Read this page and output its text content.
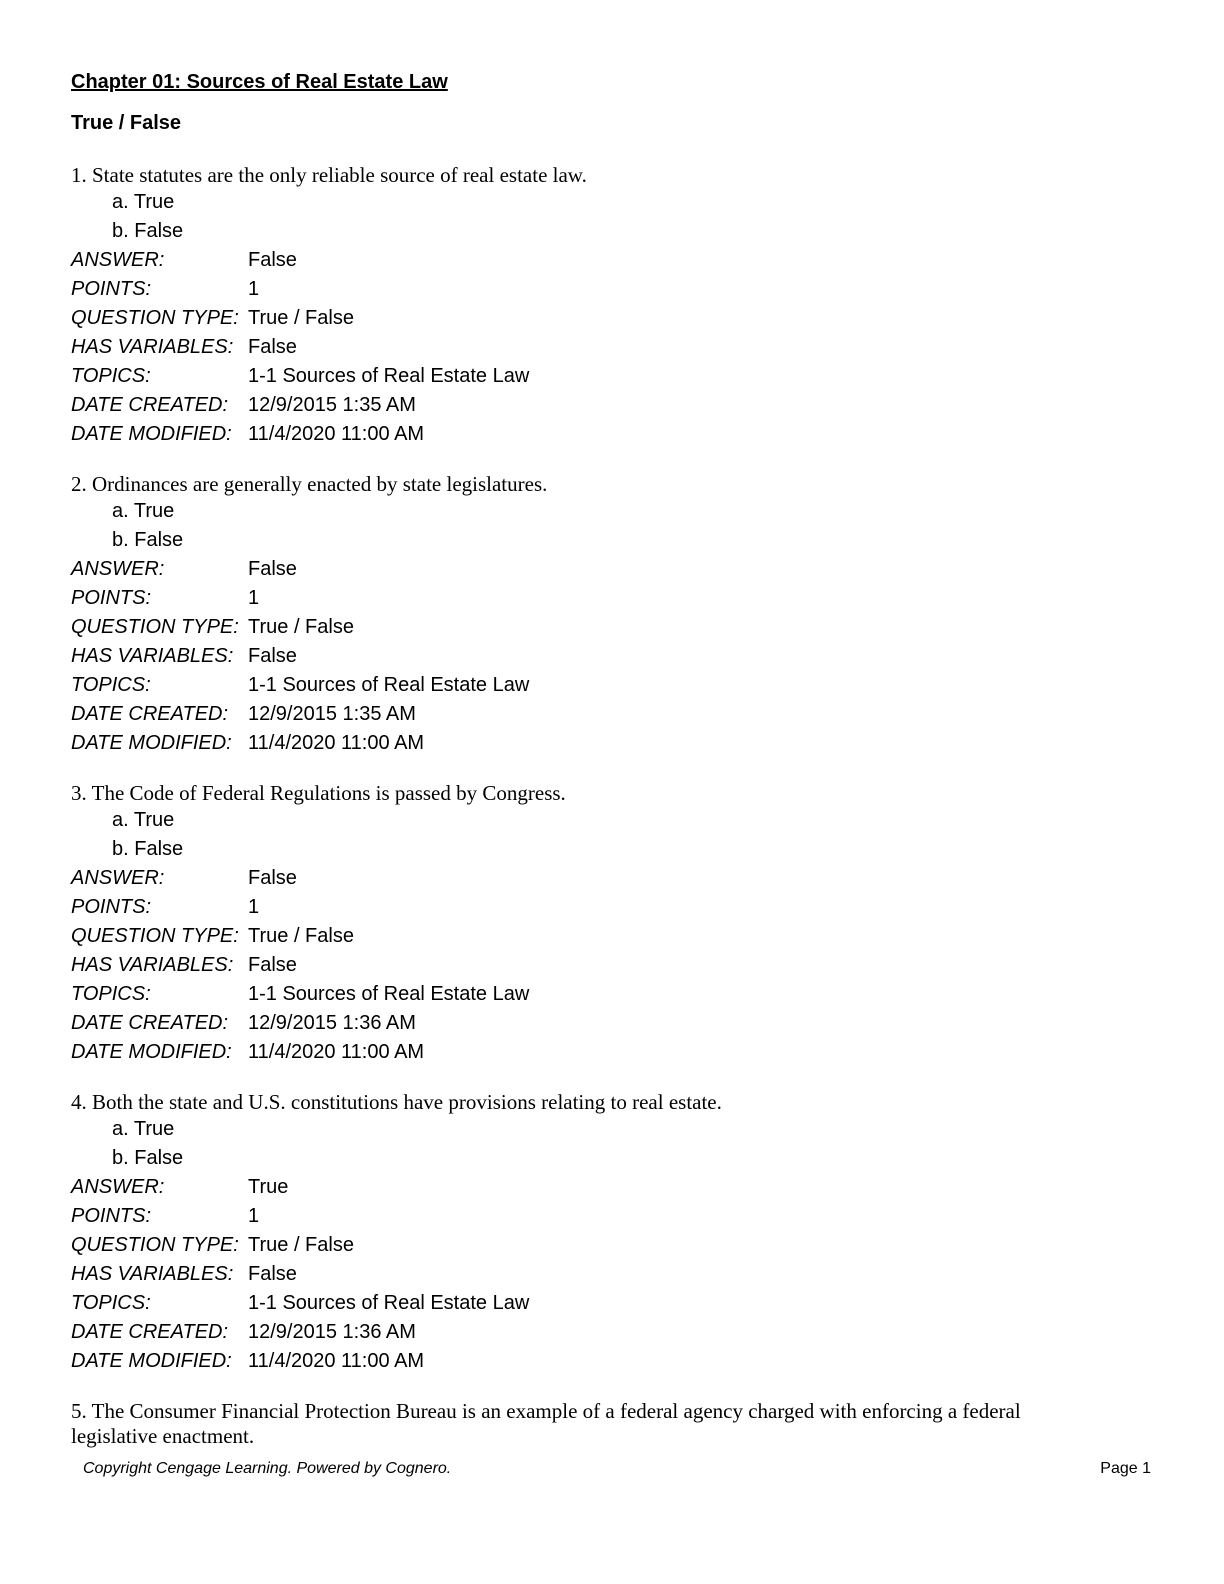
Chapter 01: Sources of Real Estate Law
True / False
1. State statutes are the only reliable source of real estate law.
a. True
b. False
ANSWER:	False
POINTS:	1
QUESTION TYPE: True / False
HAS VARIABLES: False
TOPICS:	1-1 Sources of Real Estate Law
DATE CREATED: 12/9/2015 1:35 AM
DATE MODIFIED: 11/4/2020 11:00 AM
2. Ordinances are generally enacted by state legislatures.
a. True
b. False
ANSWER:	False
POINTS:	1
QUESTION TYPE: True / False
HAS VARIABLES: False
TOPICS:	1-1 Sources of Real Estate Law
DATE CREATED: 12/9/2015 1:35 AM
DATE MODIFIED: 11/4/2020 11:00 AM
3. The Code of Federal Regulations is passed by Congress.
a. True
b. False
ANSWER:	False
POINTS:	1
QUESTION TYPE: True / False
HAS VARIABLES: False
TOPICS:	1-1 Sources of Real Estate Law
DATE CREATED: 12/9/2015 1:36 AM
DATE MODIFIED: 11/4/2020 11:00 AM
4. Both the state and U.S. constitutions have provisions relating to real estate.
a. True
b. False
ANSWER:	True
POINTS:	1
QUESTION TYPE: True / False
HAS VARIABLES: False
TOPICS:	1-1 Sources of Real Estate Law
DATE CREATED: 12/9/2015 1:36 AM
DATE MODIFIED: 11/4/2020 11:00 AM
5. The Consumer Financial Protection Bureau is an example of a federal agency charged with enforcing a federal legislative enactment.
Copyright Cengage Learning. Powered by Cognero.	Page 1
